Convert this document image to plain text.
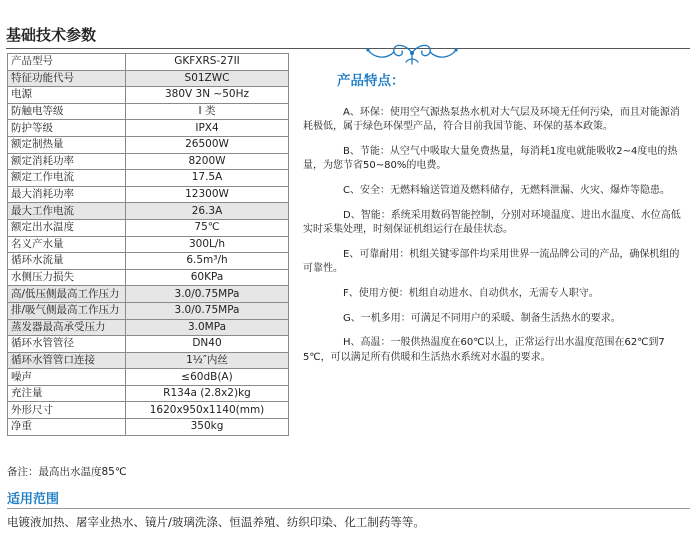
基础技术参数
产品型号	GKFXRS-27II
特征功能代号	S01ZWC
电源	380V 3N ~50Hz
防触电等级	I 类
防护等级	IPX4
额定制热量	26500W
额定消耗功率	8200W
额定工作电流	17.5A
最大消耗功率	12300W
最大工作电流	26.3A
额定出水温度	75℃
名义产水量	300L/h
循环水流量	6.5m³/h
水侧压力损失	60KPa
高/低压侧最高工作压力	3.0/0.75MPa
排/吸气侧最高工作压力	3.0/0.75MPa
蒸发器最高承受压力	3.0MPa
循环水管管径	DN40
循环水管管口连接	1½″内丝
噪声	≤60dB(A)
充注量	R134a (2.8x2)kg
外形尺寸	1620x950x1140(mm)
净重	350kg
备注：最高出水温度85℃
适用范围
电镀液加热、屠宰业热水、镜片/玻璃洗涤、恒温养殖、纺织印染、化工制药等等。
产品特点：

A、环保：使用空气源热泵热水机对大气层及环境无任何污染，而且对能源消耗极低，属于绿色环保型产品，符合目前我国节能、环保的基本政策。

B、节能：从空气中吸取大量免费热量，每消耗1度电就能吸收2~4度电的热量，为您节省50~80%的电费。

C、安全：无燃料输送管道及燃料储存，无燃料泄漏、火灾、爆炸等隐患。

D、智能：系统采用数码智能控制，分别对环境温度、进出水温度、水位高低实时采集处理，时刻保证机组运行在最佳状态。

E、可靠耐用：机组关键零部件均采用世界一流品牌公司的产品，确保机组的可靠性。

F、使用方便：机组自动进水、自动供水，无需专人职守。

G、一机多用：可满足不同用户的采暖、制备生活热水的要求。

H、高温：一般供热温度在60℃以上，正常运行出水温度范围在62℃到75℃，可以满足所有供暖和生活热水系统对水温的要求。
